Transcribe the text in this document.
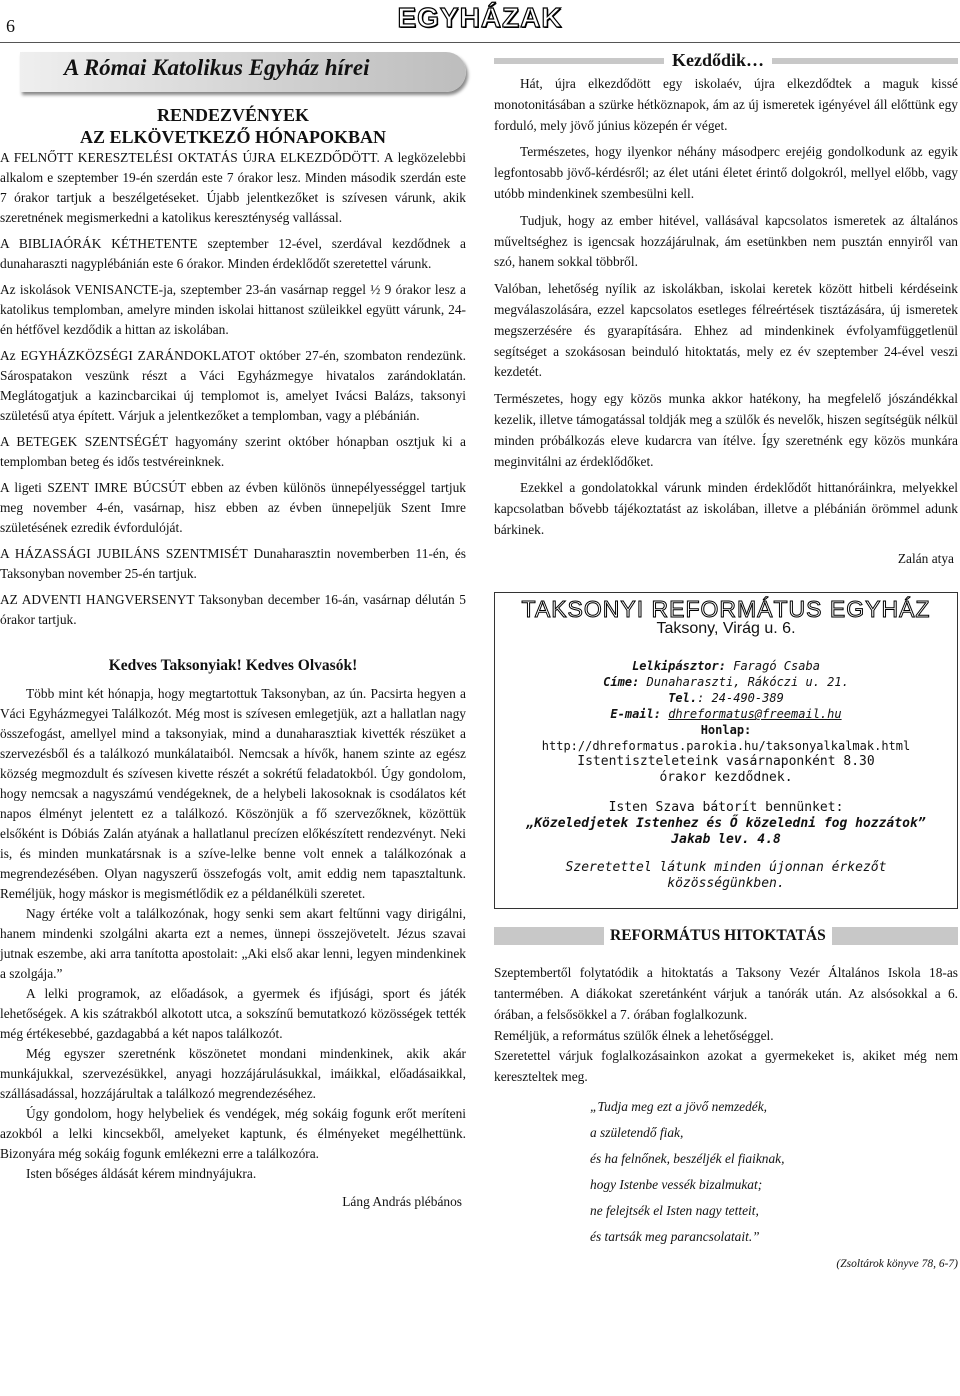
6	EGYHÁZAK
A Római Katolikus Egyház hírei
RENDEZVÉNYEK
AZ ELKÖVETKEZŐ HÓNAPOKBAN

A FELNŐTT KERESZTELÉSI OKTATÁS ÚJRA ELKEZDŐDÖTT. A legközelebbi alkalom e szeptember 19-én szerdán este 7 órakor lesz. Minden második szerdán este 7 órakor tartjuk a beszélgetéseket. Újabb jelentkezőket is szívesen várunk, akik szeretnének megismerkedni a katolikus kereszténység vallással.

A BIBLIAÓRÁK KÉTHETENTE szeptember 12-ével, szerdával kezdődnek a dunaharaszti nagyplébánián este 6 órakor. Minden érdeklődőt szeretettel várunk.

Az iskolások VENISANCTE-ja, szeptember 23-án vasárnap reggel ½ 9 órakor lesz a katolikus templomban, amelyre minden iskolai hittanost szüleikkel együtt várunk, 24-én hétfővel kezdődik a hittan az iskolában.

Az EGYHÁZKÖZSÉGI ZARÁNDOKLATOT október 27-én, szombaton rendezünk. Sárospatakon veszünk részt a Váci Egyházmegye hivatalos zarándoklatán. Meglátogatjuk a kazincbarcikai új templomot is, amelyet Ivácsi Balázs, taksonyi születésű atya épített. Várjuk a jelentkezőket a templomban, vagy a plébánián.

A BETEGEK SZENTSÉGÉT hagyomány szerint október hónapban osztjuk ki a templomban beteg és idős testvéreinknek.

A ligeti SZENT IMRE BÚCSÚT ebben az évben különös ünnepélyességgel tartjuk meg november 4-én, vasárnap, hisz ebben az évben ünnepeljük Szent Imre születésének ezredik évfordulóját.

A HÁZASSÁGI JUBILÁNS SZENTMISÉT Dunaharasztin novemberben 11-én, és Taksonyban november 25-én tartjuk.

AZ ADVENTI HANGVERSENYT Taksonyban december 16-án, vasárnap délután 5 órakor tartjuk.

Kedves Taksonyiak! Kedves Olvasók!

Több mint két hónapja, hogy megtartottuk Taksonyban, az ún. Pacsirta hegyen a Váci Egyházmegyei Találkozót. Még most is szívesen emlegetjük, azt a hallatlan nagy összefogást, amellyel mind a taksonyiak, mind a dunaharasztiak kivették részüket a szervezésből és a találkozó munkálataiból. Nemcsak a hívők, hanem szinte az egész község megmozdult és szívesen kivette részét a sokrétű feladatokból. Úgy gondolom, hogy nemcsak a nagyszámú vendégeknek, de a helybeli lakosoknak is csodálatos két napos élményt jelentett ez a találkozó. Köszönjük a fő szervezőknek, közöttük elsőként is Dóbiás Zalán atyának a hallatlanul precízen előkészített rendezvényt. Neki is, és minden munkatársnak is a szíve-lelke benne volt ennek a találkozónak a megrendezésében. Olyan nagyszerű összefogás volt, amit eddig nem tapasztaltunk. Reméljük, hogy máskor is megismétlődik ez a példanélküli szeretet.

Nagy értéke volt a találkozónak, hogy senki sem akart feltűnni vagy dirigálni, hanem mindenki szolgálni akarta ezt a nemes, ünnepi összejövetelt. Jézus szavai jutnak eszembe, aki arra tanította apostolait: „Aki első akar lenni, legyen mindenkinek a szolgája.”

A lelki programok, az előadások, a gyermek és ifjúsági, sport és játék lehetőségek. A kis szátrakból alkotott utca, a sokszínű bemutatkozó közösségek tették még értékesebbé, gazdagabbá a két napos találkozót.

Még egyszer szeretnénk köszönetet mondani mindenkinek, akik akár munkájukkal, szervezésükkel, anyagi hozzájárulásukkal, imáikkal, előadásaikkal, szállásadással, hozzájárultak a találkozó megrendezéséhez.

Úgy gondolom, hogy helybeliek és vendégek, még sokáig fogunk erőt meríteni azokból a lelki kincsekből, amelyeket kaptunk, és élményeket megélhettünk. Bizonyára még sokáig fogunk emlékezni erre a találkozóra.

Isten bőséges áldását kérem mindnyájukra.

Láng András plébános
Kezdődik…

Hát, újra elkezdődött egy iskolaév, újra elkezdődtek a maguk kissé monotonitásában a szürke hétköznapok, ám az új ismeretek igényével áll előttünk egy forduló, mely jövő június közepén ér véget.

Természetes, hogy ilyenkor néhány másodperc erejéig gondolkodunk az egyik legfontosabb jövő-kérdésről; az élet utáni életet érintő dolgokról, mellyel előbb, vagy utóbb mindenkinek szembesülni kell.

Tudjuk, hogy az ember hitével, vallásával kapcsolatos ismeretek az általános műveltséghez is igencsak hozzájárulnak, ám esetünkben nem pusztán ennyiről van szó, hanem sokkal többről.

Valóban, lehetőség nyílik az iskolákban, iskolai keretek között hitbeli kérdéseink megválaszolására, ezzel kapcsolatos esetleges félreértések tisztázására, új ismeretek megszerzésére és gyarapítására. Ehhez ad mindenkinek évfolyamfüggetlenül segítséget a szokásosan beinduló hitoktatás, mely ez év szeptember 24-ével veszi kezdetét.

Természetes, hogy egy közös munka akkor hatékony, ha megfelelő jószándékkal kezelik, illetve támogatással toldják meg a szülők és nevelők, hiszen segítségük nélkül minden próbálkozás eleve kudarcra van ítélve. Így szeretnénk egy közös munkára meginvitálni az érdeklődőket.

Ezekkel a gondolatokkal várunk minden érdeklődőt hittanóráinkra, melyekkel kapcsolatban bővebb tájékoztatást az iskolában, illetve a plébánián örömmel adunk bárkinek.

Zalán atya
TAKSONYI REFORMÁTUS EGYHÁZ
Taksony, Virág u. 6.
Lelkipásztor: Faragó Csaba
Címe: Dunaharaszti, Rákóczi u. 21.
Tel.: 24-490-389
E-mail: dhreformatus@freemail.hu
Honlap:
http://dhreformatus.parokia.hu/taksonyalkalmak.html
Istentiszteleteink vasárnaponként 8.30 órakor kezdődnek.
Isten Szava bátorít bennünket:
„Közeledjetek Istenhez és Ő közeledni fog hozzátok”
Jakab lev. 4.8
Szeretettel látunk minden újonnan érkezőt közösségünkben.
REFORMÁTUS HITOKTATÁS

Szeptembertől folytatódik a hitoktatás a Taksony Vezér Általános Iskola 18-as tantermében. A diákokat szeretánként várjuk a tanórák után. Az alsósokkal a 6. órában, a felsősökkel a 7. órában foglalkozunk.

Reméljük, a református szülők élnek a lehetőséggel.

Szeretettel várjuk foglalkozásainkon azokat a gyermekeket is, akiket még nem kereszteltek meg.

„Tudja meg ezt a jövő nemzedék,
a születendő fiak,
és ha felnőnek, beszéljék el fiaiknak,
hogy Istenbe vessék bizalmukat;
ne felejtsék el Isten nagy tetteit,
és tartsák meg parancsolatait.”
(Zsoltárok könyve 78, 6-7)
